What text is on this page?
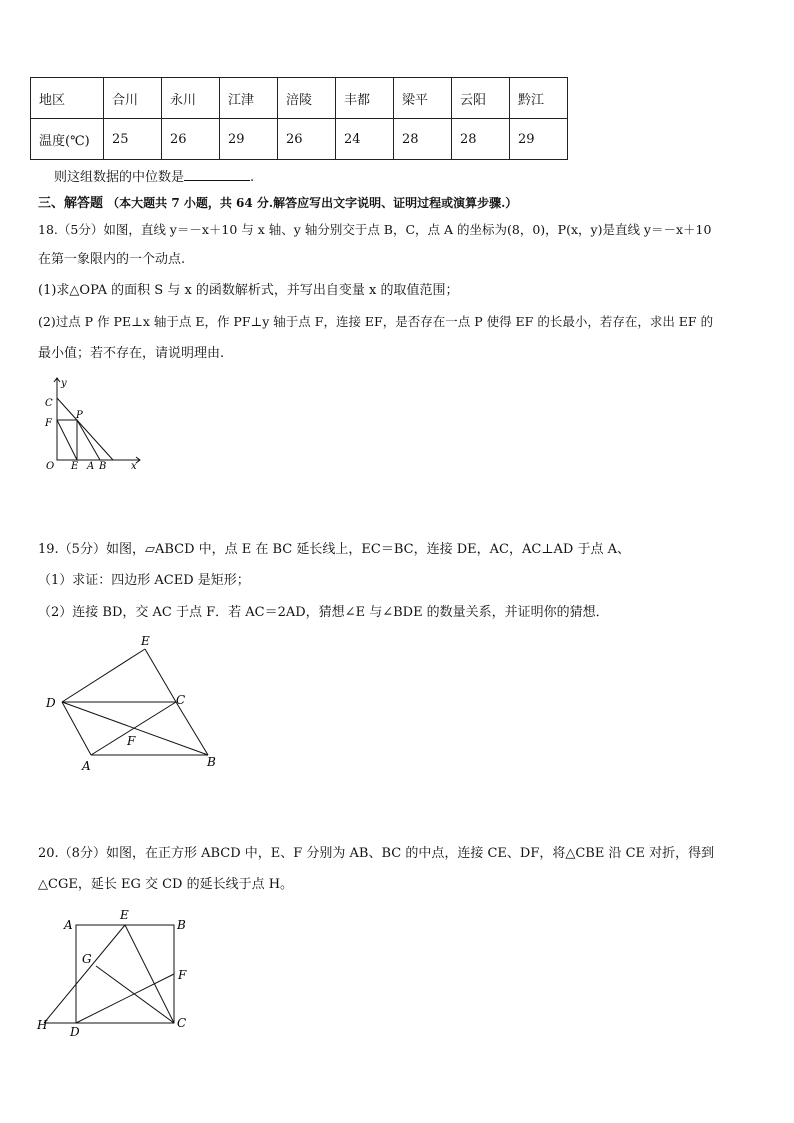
地区	合川	永川	江津	涪陵	丰都	梁平	云阳	黔江
温度(℃)	25	26	29	26	24	28	28	29
则这组数据的中位数是	.
三、解答题 （本大题共 7 小题，共 64 分.解答应写出文字说明、证明过程或演算步骤.）
18.（5分）如图，直线 y＝－x＋10 与 x 轴、y 轴分别交于点 B，C，点 A 的坐标为(8，0)，P(x，y)是直线 y＝－x＋10
在第一象限内的一个动点.
(1)求△OPA 的面积 S 与 x 的函数解析式，并写出自变量 x 的取值范围；
(2)过点 P 作 PE⊥x 轴于点 E，作 PF⊥y 轴于点 F，连接 EF，是否存在一点 P 使得 EF 的长最小，若存在，求出 EF 的
最小值；若不存在，请说明理由.
y
C
P
F
O E A B x
19.（5分）如图，▱ABCD 中，点 E 在 BC 延长线上，EC＝BC，连接 DE，AC，AC⊥AD 于点 A、
（1）求证：四边形 ACED 是矩形；
（2）连接 BD，交 AC 于点 F．若 AC＝2AD，猜想∠E 与∠BDE 的数量关系，并证明你的猜想．
E
D	C
F
A	B
20.（8分）如图，在正方形 ABCD 中，E、F 分别为 AB、BC 的中点，连接 CE、DF，将△CBE 沿 CE 对折，得到
△CGE，延长 EG 交 CD 的延长线于点 H。
A
E
B
G
F
H D
C
